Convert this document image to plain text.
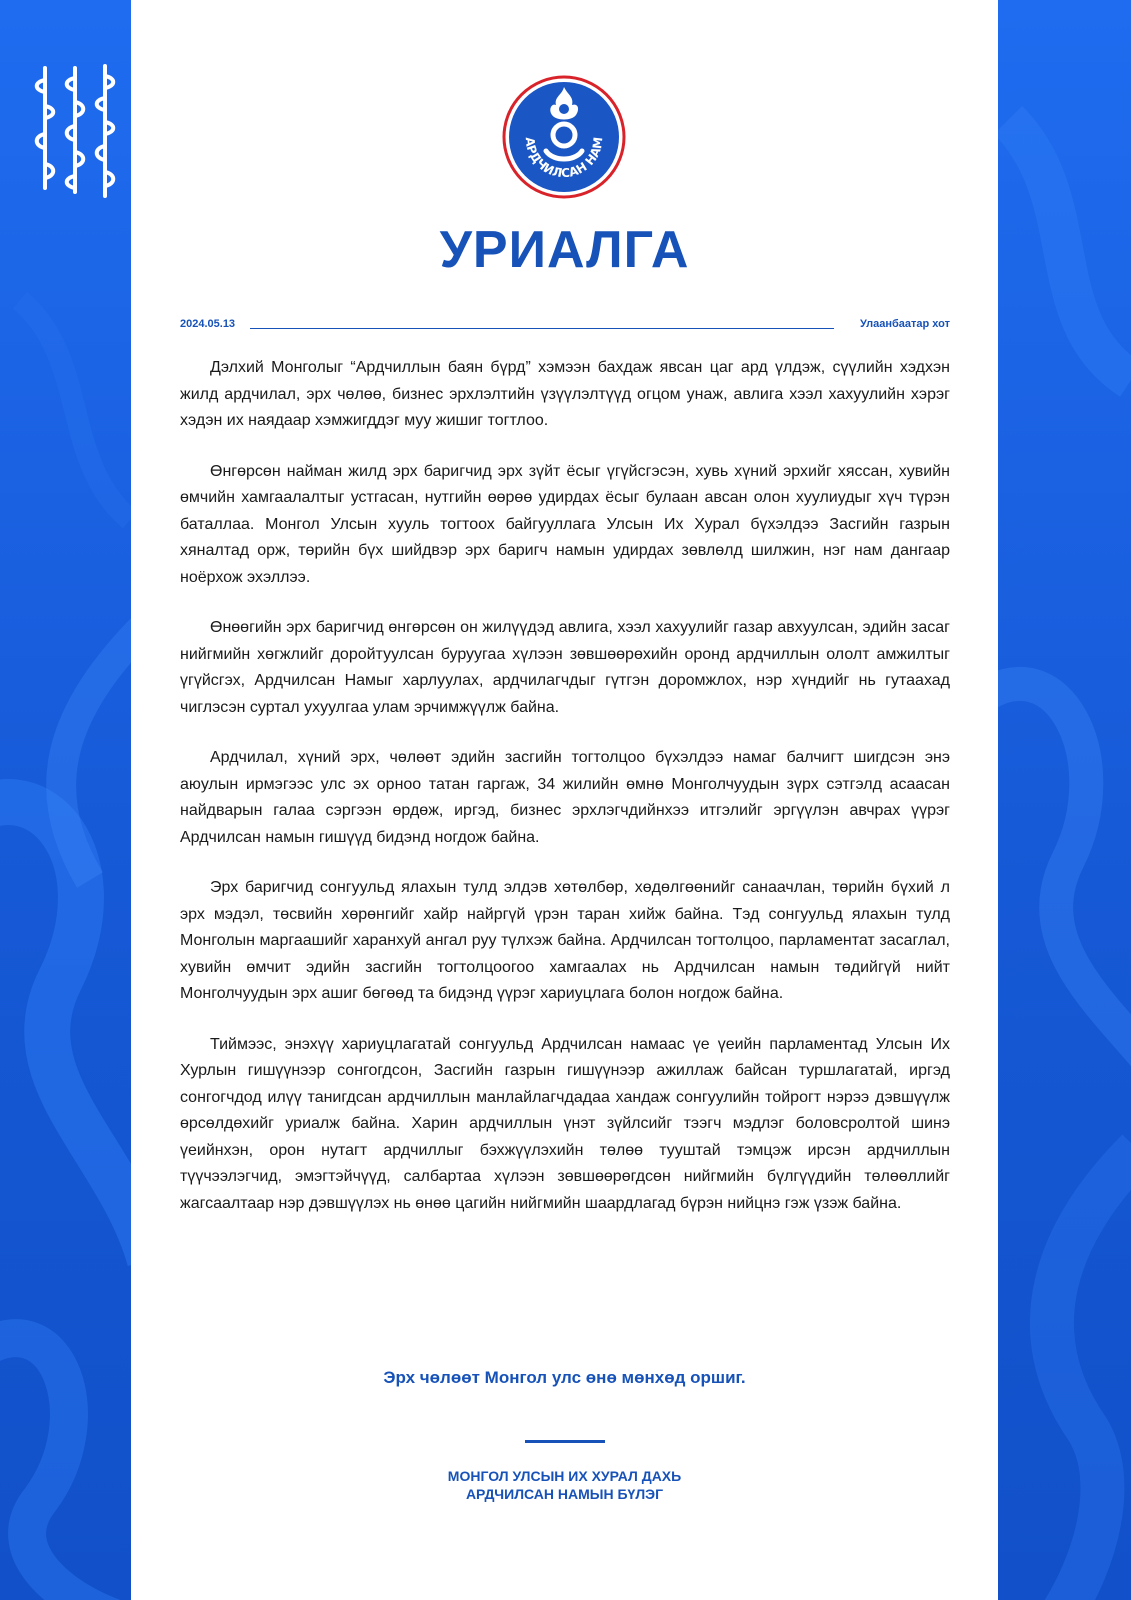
АРДЧИЛСАН НАМ
УРИАЛГА
2024.05.13	Улаанбаатар хот

Дэлхий Монголыг “Ардчиллын баян бүрд” хэмээн бахдаж явсан цаг ард үлдэж, сүүлийн хэдхэн жилд ардчилал, эрх чөлөө, бизнес эрхлэлтийн үзүүлэлтүүд огцом унаж, авлига хээл хахуулийн хэрэг хэдэн их наядаар хэмжигддэг муу жишиг тогтлоо.

Өнгөрсөн найман жилд эрх баригчид эрх зүйт ёсыг үгүйсгэсэн, хувь хүний эрхийг хяссан, хувийн өмчийн хамгаалалтыг устгасан, нутгийн өөрөө удирдах ёсыг булаан авсан олон хуулиудыг хүч түрэн баталлаа. Монгол Улсын хууль тогтоох байгууллага Улсын Их Хурал бүхэлдээ Засгийн газрын хяналтад орж, төрийн бүх шийдвэр эрх баригч намын удирдах зөвлөлд шилжин, нэг нам дангаар ноёрхож эхэллээ.

Өнөөгийн эрх баригчид өнгөрсөн он жилүүдэд авлига, хээл хахуулийг газар авхуулсан, эдийн засаг нийгмийн хөгжлийг доройтуулсан буруугаа хүлээн зөвшөөрөхийн оронд ардчиллын ололт амжилтыг үгүйсгэх, Ардчилсан Намыг харлуулах, ардчилагчдыг гүтгэн доромжлох, нэр хүндийг нь гутаахад чиглэсэн суртал ухуулгаа улам эрчимжүүлж байна.

Ардчилал, хүний эрх, чөлөөт эдийн засгийн тогтолцоо бүхэлдээ намаг балчигт шигдсэн энэ аюулын ирмэгээс улс эх орноо татан гаргаж, 34 жилийн өмнө Монголчуудын зүрх сэтгэлд асаасан найдварын галаа сэргээн өрдөж, иргэд, бизнес эрхлэгчдийнхээ итгэлийг эргүүлэн авчрах үүрэг Ардчилсан намын гишүүд бидэнд ногдож байна.

Эрх баригчид сонгуульд ялахын тулд элдэв хөтөлбөр, хөдөлгөөнийг санаачлан, төрийн бүхий л эрх мэдэл, төсвийн хөрөнгийг хайр найргүй үрэн таран хийж байна. Тэд сонгуульд ялахын тулд Монголын маргаашийг харанхуй ангал руу түлхэж байна. Ардчилсан тогтолцоо, парламентат засаглал, хувийн өмчит эдийн засгийн тогтолцоогоо хамгаалах нь Ардчилсан намын төдийгүй нийт Монголчуудын эрх ашиг бөгөөд та бидэнд үүрэг хариуцлага болон ногдож байна.

Тиймээс, энэхүү хариуцлагатай сонгуульд Ардчилсан намаас үе үеийн парламентад Улсын Их Хурлын гишүүнээр сонгогдсон, Засгийн газрын гишүүнээр ажиллаж байсан туршлагатай, иргэд сонгогчдод илүү танигдсан ардчиллын манлайлагчдадаа хандаж сонгуулийн тойрогт нэрээ дэвшүүлж өрсөлдөхийг уриалж байна. Харин ардчиллын үнэт зүйлсийг тээгч мэдлэг боловсролтой шинэ үеийнхэн, орон нутагт ардчиллыг бэхжүүлэхийн төлөө тууштай тэмцэж ирсэн ардчиллын түүчээлэгчид, эмэгтэйчүүд, салбартаа хүлээн зөвшөөрөгдсөн нийгмийн бүлгүүдийн төлөөллийг жагсаалтаар нэр дэвшүүлэх нь өнөө цагийн нийгмийн шаардлагад бүрэн нийцнэ гэж үзэж байна.

Эрх чөлөөт Монгол улс өнө мөнхөд оршиг.
МОНГОЛ УЛСЫН ИХ ХУРАЛ ДАХЬ
АРДЧИЛСАН НАМЫН БҮЛЭГ
